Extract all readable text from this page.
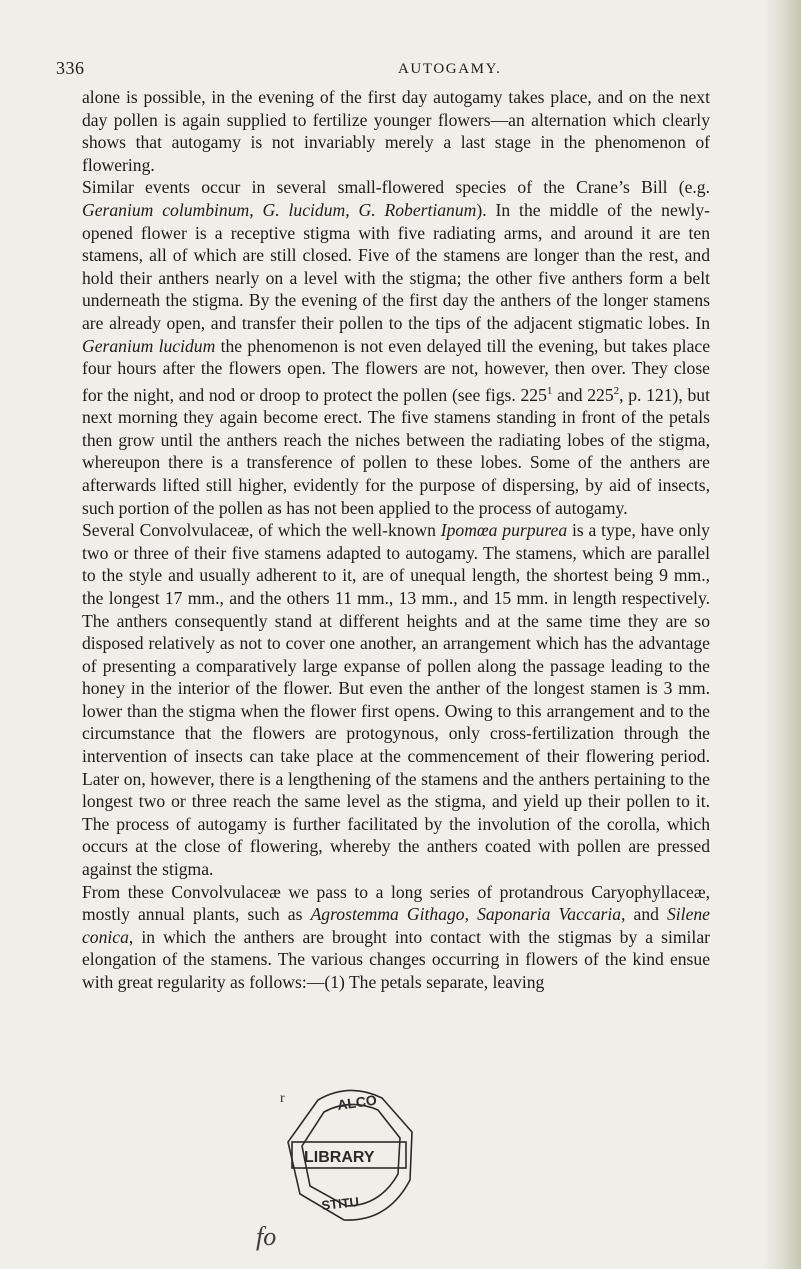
336	AUTOGAMY.

alone is possible, in the evening of the first day autogamy takes place, and on the next day pollen is again supplied to fertilize younger flowers—an alternation which clearly shows that autogamy is not invariably merely a last stage in the phenomenon of flowering.

Similar events occur in several small-flowered species of the Crane’s Bill (e.g. Geranium columbinum, G. lucidum, G. Robertianum). In the middle of the newly-opened flower is a receptive stigma with five radiating arms, and around it are ten stamens, all of which are still closed. Five of the stamens are longer than the rest, and hold their anthers nearly on a level with the stigma; the other five anthers form a belt underneath the stigma. By the evening of the first day the anthers of the longer stamens are already open, and transfer their pollen to the tips of the adjacent stigmatic lobes. In Geranium lucidum the phenomenon is not even delayed till the evening, but takes place four hours after the flowers open. The flowers are not, however, then over. They close for the night, and nod or droop to protect the pollen (see figs. $225^1$ and $225^2$, p. 121), but next morning they again become erect. The five stamens standing in front of the petals then grow until the anthers reach the niches between the radiating lobes of the stigma, whereupon there is a transference of pollen to these lobes. Some of the anthers are afterwards lifted still higher, evidently for the purpose of dispersing, by aid of insects, such portion of the pollen as has not been applied to the process of autogamy.

Several Convolvulaceæ, of which the well-known Ipomœa purpurea is a type, have only two or three of their five stamens adapted to autogamy. The stamens, which are parallel to the style and usually adherent to it, are of unequal length, the shortest being 9 mm., the longest 17 mm., and the others 11 mm., 13 mm., and 15 mm. in length respectively. The anthers consequently stand at different heights and at the same time they are so disposed relatively as not to cover one another, an arrangement which has the advantage of presenting a comparatively large expanse of pollen along the passage leading to the honey in the interior of the flower. But even the anther of the longest stamen is 3 mm. lower than the stigma when the flower first opens. Owing to this arrangement and to the circumstance that the flowers are protogynous, only cross-fertilization through the intervention of insects can take place at the commencement of their flowering period. Later on, however, there is a lengthening of the stamens and the anthers pertaining to the longest two or three reach the same level as the stigma, and yield up their pollen to it. The process of autogamy is further facilitated by the involution of the corolla, which occurs at the close of flowering, whereby the anthers coated with pollen are pressed against the stigma.

From these Convolvulaceæ we pass to a long series of protandrous Caryophyllaceæ, mostly annual plants, such as Agrostemma Githago, Saponaria Vaccaria, and Silene conica, in which the anthers are brought into contact with the stigmas by a similar elongation of the stamens. The various changes occurring in flowers of the kind ensue with great regularity as follows:—(1) The petals separate, leaving

ALCO
LIBRARY
STITU
r
fo
